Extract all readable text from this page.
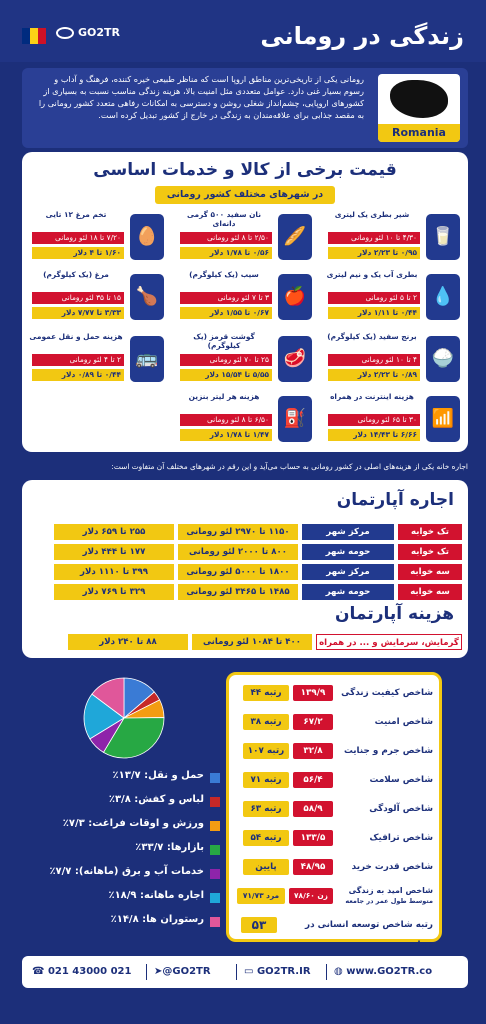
GO2TR	زندگی در رومانی
رومانی یکی از تاریخی‌ترین مناطق اروپا است که مناظر طبیعی خیره کننده، فرهنگ و آداب و رسوم بسیار غنی دارد. عوامل متعددی مثل امنیت بالا، هزینه زندگی مناسب نسبت به بسیاری از کشورهای اروپایی، چشم‌انداز شغلی روشن و دسترسی به امکانات رفاهی متعدد کشور رومانی را به مقصد جذابی برای علاقه‌مندان به زندگی در خارج از کشور تبدیل کرده است.
Romania
قیمت برخی از کالا و خدمات اساسی
در شهرهای مختلف کشور رومانی
🥛
شیر بطری یک لیتری
۴/۳۰ تا ۱۰ لئو رومانی
۰/۹۵ تا ۲/۲۳ دلار
🥖
نان سفید ۵۰۰ گرمی دانه‌ای
۲/۵۰ تا ۸ لئو رومانی
۰/۵۶ تا ۱/۷۸ دلار
🥚
تخم مرغ ۱۲ تایی
۷/۲۰ تا ۱۸ لئو رومانی
۱/۶۰ تا ۴ دلار
💧
بطری آب یک و نیم لیتری
۲ تا ۵ لئو رومانی
۰/۴۴ تا ۱/۱۱ دلار
🍎
سیب (یک کیلوگرم)
۳ تا ۷ لئو رومانی
۰/۶۷ تا ۱/۵۵ دلار
🍗
مرغ (یک کیلوگرم)
۱۵ تا ۳۵ لئو رومانی
۳/۳۳ تا ۷/۷۷ دلار
🍚
برنج سفید (یک کیلوگرم)
۴ تا ۱۰ لئو رومانی
۰/۸۹ تا ۲/۲۲ دلار
🥩
گوشت قرمز (یک کیلوگرم)
۲۵ تا ۷۰ لئو رومانی
۵/۵۵ تا ۱۵/۵۴ دلار
🚌
هزینه حمل و نقل عمومی
۲ تا ۴ لئو رومانی
۰/۴۴ تا ۰/۸۹ دلار
📶
هزینه اینترنت در همراه
۳۰ تا ۶۵ لئو رومانی
۶/۶۶ تا ۱۴/۴۳ دلار
⛽
هزینه هر لیتر بنزین
۶/۵۰ تا ۸ لئو رومانی
۱/۴۷ تا ۱/۷۸ دلار
اجاره خانه یکی از هزینه‌های اصلی در کشور رومانی به حساب می‌آید و این رقم در شهرهای مختلف آن متفاوت است:
اجاره آپارتمان
هزینه آپارتمان
گرمایش، سرمایش و ... در همراه
۴۰۰ تا ۱۰۸۴ لئو رومانی
۸۸ تا ۲۴۰ دلار
تک خوابه
مرکز شهر
۱۱۵۰ تا ۲۹۷۰ لئو رومانی
۲۵۵ تا ۶۵۹ دلار
تک خوابه
حومه شهر
۸۰۰ تا ۲۰۰۰ لئو رومانی
۱۷۷ تا ۴۴۴ دلار
سه خوابه
مرکز شهر
۱۸۰۰ تا ۵۰۰۰ لئو رومانی
۳۹۹ تا ۱۱۱۰ دلار
سه خوابه
حومه شهر
۱۴۸۵ تا ۳۴۶۵ لئو رومانی
۳۲۹ تا ۷۶۹ دلار
حمل و نقل: ۱۳/۷٪
لباس و کفش: ۳/۸٪
ورزش و اوقات فراغت: ۷/۳٪
بازارها: ۳۳/۷٪
خدمات آب و برق (ماهانه): ۷/۷٪
اجاره ماهانه: ۱۸/۹٪
رستوران ها: ۱۴/۸٪
شاخص کیفیت زندگی
۱۳۹/۹
رتبه ۴۴
شاخص امنیت
۶۷/۲
رتبه ۳۸
شاخص جرم و جنایت
۳۲/۸
رتبه ۱۰۷
شاخص سلامت
۵۶/۴
رتبه ۷۱
شاخص آلودگی
۵۸/۹
رتبه ۶۳
شاخص ترافیک
۱۳۳/۵
رتبه ۵۴
شاخص قدرت خرید
۴۸/۹۵
پایین
شاخص امید به زندگی
متوسط طول عمر در جامعه
زن ۷۸/۶۰
مرد ۷۱/۷۳
رتبه شاخص توسعه انسانی در جهان
۵۳
☎ 021 43000 021 ➤@GO2TR	▭ GO2TR.IR ◍ www.GO2TR.co
